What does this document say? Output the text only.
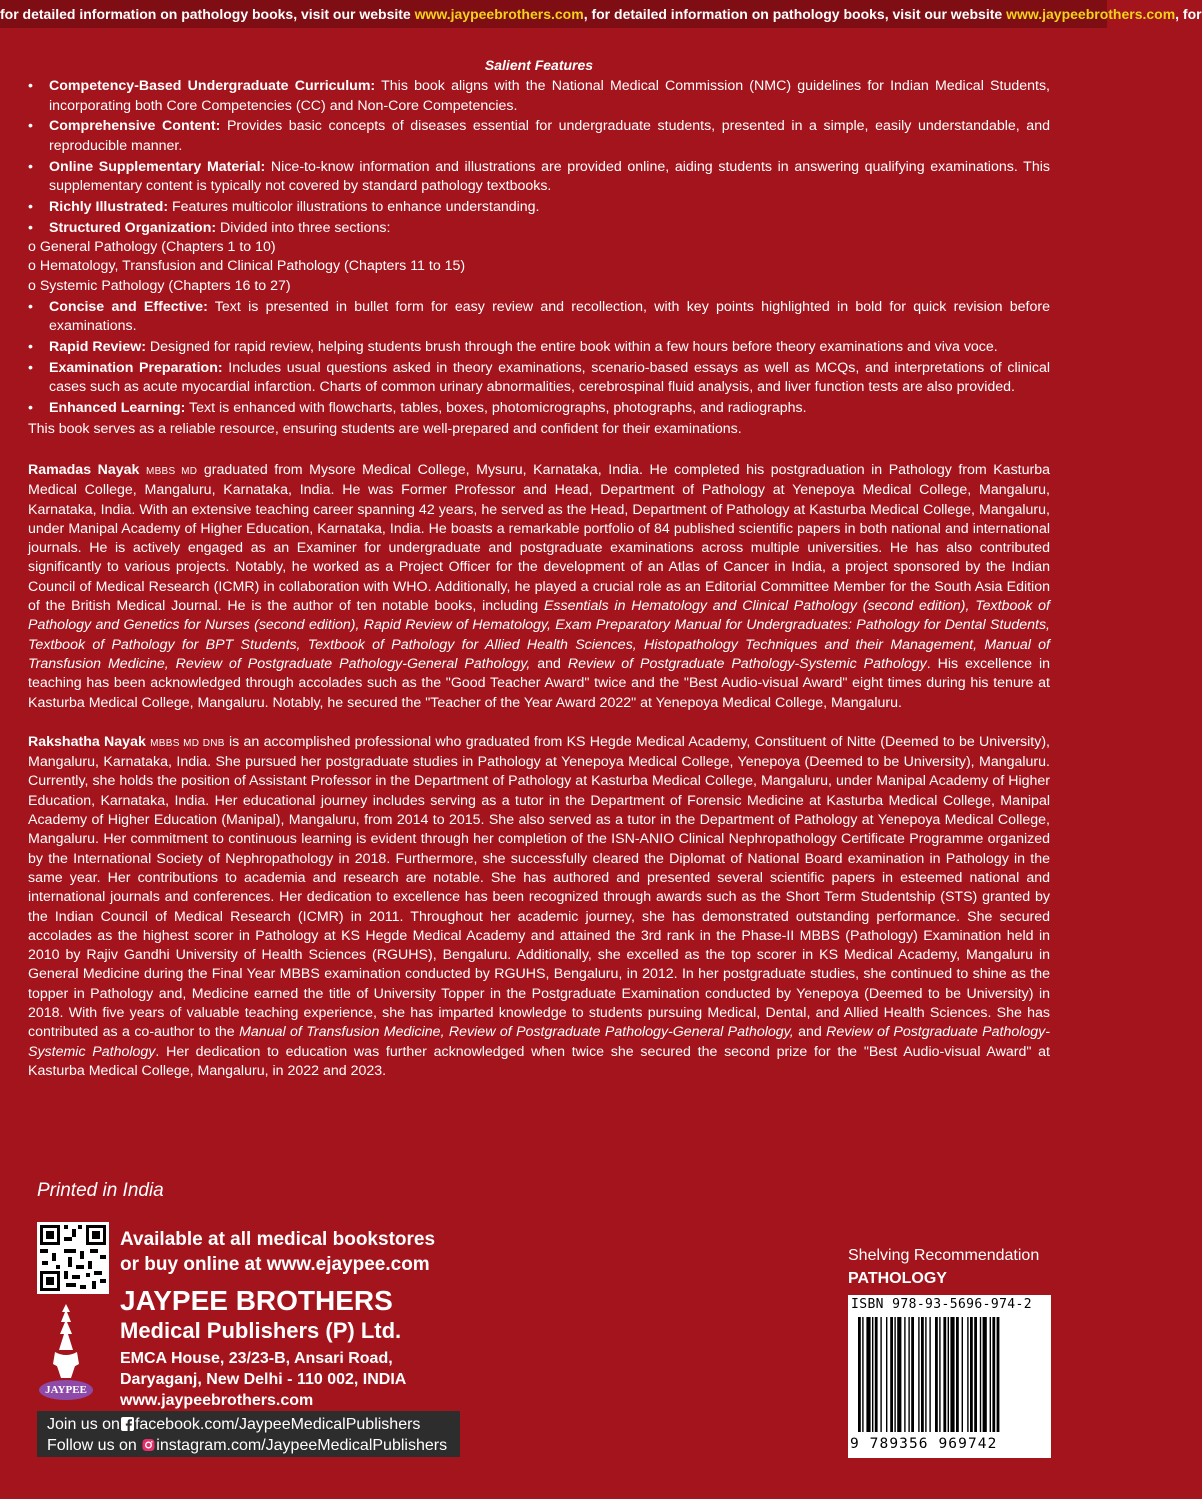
for detailed information on pathology books, visit our website www.jaypeebrothers.com, for detailed information on pathology books, visit our website www.jaypeebrothers.com, for
Salient Features
• Competency-Based Undergraduate Curriculum: This book aligns with the National Medical Commission (NMC) guidelines for Indian Medical Students, incorporating both Core Competencies (CC) and Non-Core Competencies.
• Comprehensive Content: Provides basic concepts of diseases essential for undergraduate students, presented in a simple, easily understandable, and reproducible manner.
• Online Supplementary Material: Nice-to-know information and illustrations are provided online, aiding students in answering qualifying examinations. This supplementary content is typically not covered by standard pathology textbooks.
• Richly Illustrated: Features multicolor illustrations to enhance understanding.
• Structured Organization: Divided into three sections:
o General Pathology (Chapters 1 to 10)
o Hematology, Transfusion and Clinical Pathology (Chapters 11 to 15)
o Systemic Pathology (Chapters 16 to 27)
• Concise and Effective: Text is presented in bullet form for easy review and recollection, with key points highlighted in bold for quick revision before examinations.
• Rapid Review: Designed for rapid review, helping students brush through the entire book within a few hours before theory examinations and viva voce.
• Examination Preparation: Includes usual questions asked in theory examinations, scenario-based essays as well as MCQs, and interpretations of clinical cases such as acute myocardial infarction. Charts of common urinary abnormalities, cerebrospinal fluid analysis, and liver function tests are also provided.
• Enhanced Learning: Text is enhanced with flowcharts, tables, boxes, photomicrographs, photographs, and radiographs.

This book serves as a reliable resource, ensuring students are well-prepared and confident for their examinations.

Ramadas Nayak MBBS MD graduated from Mysore Medical College, Mysuru, Karnataka, India. He completed his postgraduation in Pathology from Kasturba Medical College, Mangaluru, Karnataka, India. He was Former Professor and Head, Department of Pathology at Yenepoya Medical College, Mangaluru, Karnataka, India. With an extensive teaching career spanning 42 years, he served as the Head, Department of Pathology at Kasturba Medical College, Mangaluru, under Manipal Academy of Higher Education, Karnataka, India. He boasts a remarkable portfolio of 84 published scientific papers in both national and international journals. He is actively engaged as an Examiner for undergraduate and postgraduate examinations across multiple universities. He has also contributed significantly to various projects. Notably, he worked as a Project Officer for the development of an Atlas of Cancer in India, a project sponsored by the Indian Council of Medical Research (ICMR) in collaboration with WHO. Additionally, he played a crucial role as an Editorial Committee Member for the South Asia Edition of the British Medical Journal. He is the author of ten notable books, including Essentials in Hematology and Clinical Pathology (second edition), Textbook of Pathology and Genetics for Nurses (second edition), Rapid Review of Hematology, Exam Preparatory Manual for Undergraduates: Pathology for Dental Students, Textbook of Pathology for BPT Students, Textbook of Pathology for Allied Health Sciences, Histopathology Techniques and their Management, Manual of Transfusion Medicine, Review of Postgraduate Pathology-General Pathology, and Review of Postgraduate Pathology-Systemic Pathology. His excellence in teaching has been acknowledged through accolades such as the "Good Teacher Award" twice and the "Best Audio-visual Award" eight times during his tenure at Kasturba Medical College, Mangaluru. Notably, he secured the "Teacher of the Year Award 2022" at Yenepoya Medical College, Mangaluru.

Rakshatha Nayak MBBS MD DNB is an accomplished professional who graduated from KS Hegde Medical Academy, Constituent of Nitte (Deemed to be University), Mangaluru, Karnataka, India. She pursued her postgraduate studies in Pathology at Yenepoya Medical College, Yenepoya (Deemed to be University), Mangaluru. Currently, she holds the position of Assistant Professor in the Department of Pathology at Kasturba Medical College, Mangaluru, under Manipal Academy of Higher Education, Karnataka, India. Her educational journey includes serving as a tutor in the Department of Forensic Medicine at Kasturba Medical College, Manipal Academy of Higher Education (Manipal), Mangaluru, from 2014 to 2015. She also served as a tutor in the Department of Pathology at Yenepoya Medical College, Mangaluru. Her commitment to continuous learning is evident through her completion of the ISN-ANIO Clinical Nephropathology Certificate Programme organized by the International Society of Nephropathology in 2018. Furthermore, she successfully cleared the Diplomat of National Board examination in Pathology in the same year. Her contributions to academia and research are notable. She has authored and presented several scientific papers in esteemed national and international journals and conferences. Her dedication to excellence has been recognized through awards such as the Short Term Studentship (STS) granted by the Indian Council of Medical Research (ICMR) in 2011. Throughout her academic journey, she has demonstrated outstanding performance. She secured accolades as the highest scorer in Pathology at KS Hegde Medical Academy and attained the 3rd rank in the Phase-II MBBS (Pathology) Examination held in 2010 by Rajiv Gandhi University of Health Sciences (RGUHS), Bengaluru. Additionally, she excelled as the top scorer in KS Medical Academy, Mangaluru in General Medicine during the Final Year MBBS examination conducted by RGUHS, Bengaluru, in 2012. In her postgraduate studies, she continued to shine as the topper in Pathology and, Medicine earned the title of University Topper in the Postgraduate Examination conducted by Yenepoya (Deemed to be University) in 2018. With five years of valuable teaching experience, she has imparted knowledge to students pursuing Medical, Dental, and Allied Health Sciences. She has contributed as a co-author to the Manual of Transfusion Medicine, Review of Postgraduate Pathology-General Pathology, and Review of Postgraduate Pathology-Systemic Pathology. Her dedication to education was further acknowledged when twice she secured the second prize for the "Best Audio-visual Award" at Kasturba Medical College, Mangaluru, in 2022 and 2023.

Printed in India
Available at all medical bookstores
or buy online at www.ejaypee.com
JAYPEE
JAYPEE BROTHERS
Medical Publishers (P) Ltd.
EMCA House, 23/23-B, Ansari Road,
Daryaganj, New Delhi - 110 002, INDIA
www.jaypeebrothers.com
Join us on facebook.com/JaypeeMedicalPublishers
Follow us on instagram.com/JaypeeMedicalPublishers
Shelving Recommendation
PATHOLOGY
ISBN 978-93-5696-974-2
9 789356 969742
